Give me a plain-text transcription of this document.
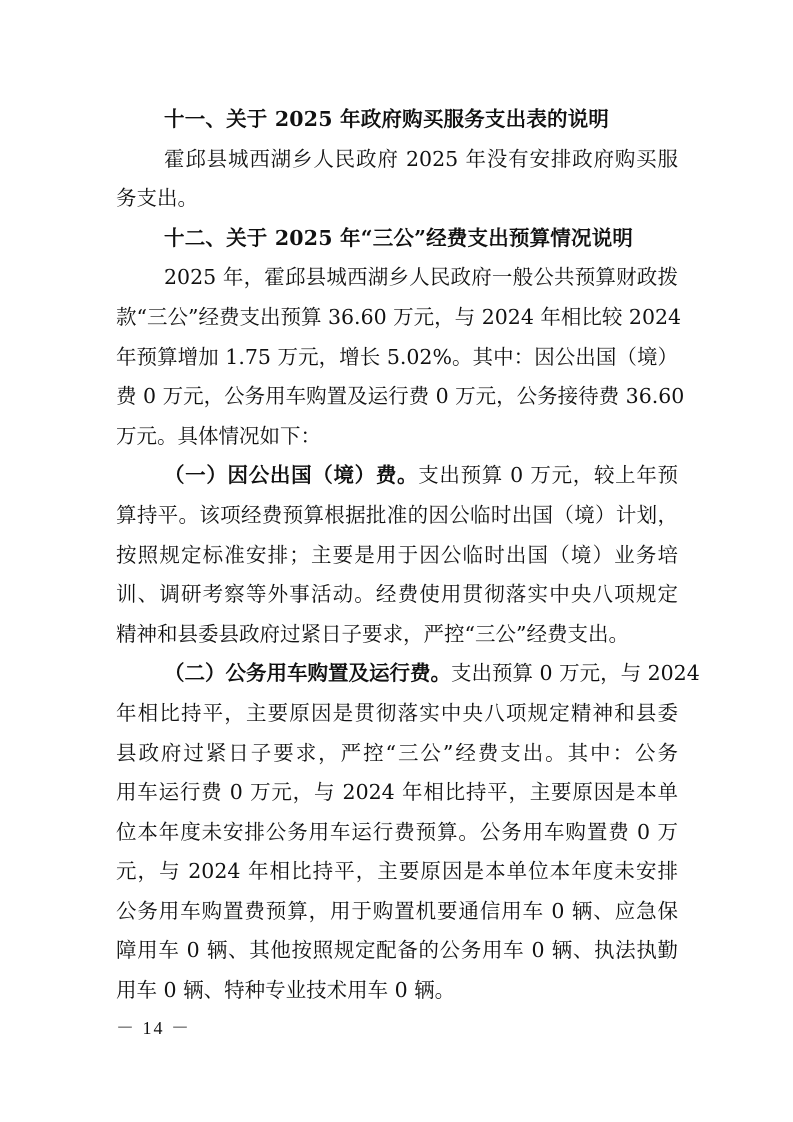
十一、关于 2025 年政府购买服务支出表的说明
霍邱县城西湖乡人民政府 2025 年没有安排政府购买服
务支出。
十二、关于 2025 年“三公”经费支出预算情况说明
2025 年，霍邱县城西湖乡人民政府一般公共预算财政拨
款“三公”经费支出预算 36.60 万元，与 2024 年相比较 2024
年预算增加 1.75 万元，增长 5.02%。其中：因公出国（境）
费 0 万元，公务用车购置及运行费 0 万元，公务接待费 36.60
万元。具体情况如下：
（一）因公出国（境）费。支出预算 0 万元，较上年预
算持平。该项经费预算根据批准的因公临时出国（境）计划，
按照规定标准安排；主要是用于因公临时出国（境）业务培
训、调研考察等外事活动。经费使用贯彻落实中央八项规定
精神和县委县政府过紧日子要求，严控“三公”经费支出。
（二）公务用车购置及运行费。支出预算 0 万元，与 2024
年相比持平，主要原因是贯彻落实中央八项规定精神和县委
县政府过紧日子要求，严控“三公”经费支出。其中：公务
用车运行费 0 万元，与 2024 年相比持平，主要原因是本单
位本年度未安排公务用车运行费预算。公务用车购置费 0 万
元，与 2024 年相比持平，主要原因是本单位本年度未安排
公务用车购置费预算，用于购置机要通信用车 0 辆、应急保
障用车 0 辆、其他按照规定配备的公务用车 0 辆、执法执勤
用车 0 辆、特种专业技术用车 0 辆。
－ 14 －
